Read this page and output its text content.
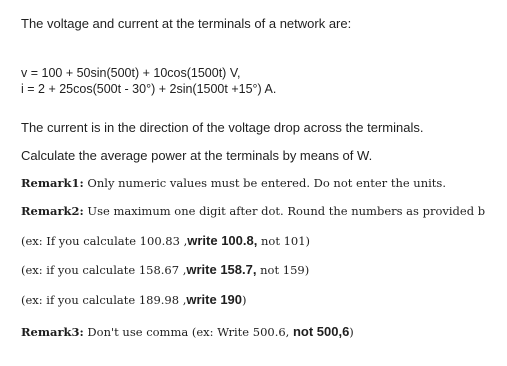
The voltage and current at the terminals of a network are:
v = 100 + 50sin(500t) + 10cos(1500t) V,
i = 2 + 25cos(500t - 30°) + 2sin(1500t +15°) A.
The current is in the direction of the voltage drop across the terminals.
Calculate the average power at the terminals by means of W.
Remark1: Only numeric values must be entered. Do not enter the units.
Remark2: Use maximum one digit after dot. Round the numbers as provided b
(ex: If you calculate 100.83 ,write 100.8, not 101)
(ex: if you calculate 158.67 ,write 158.7, not 159)
(ex: if you calculate 189.98 ,write 190)
Remark3: Don't use comma (ex: Write 500.6, not 500,6)
